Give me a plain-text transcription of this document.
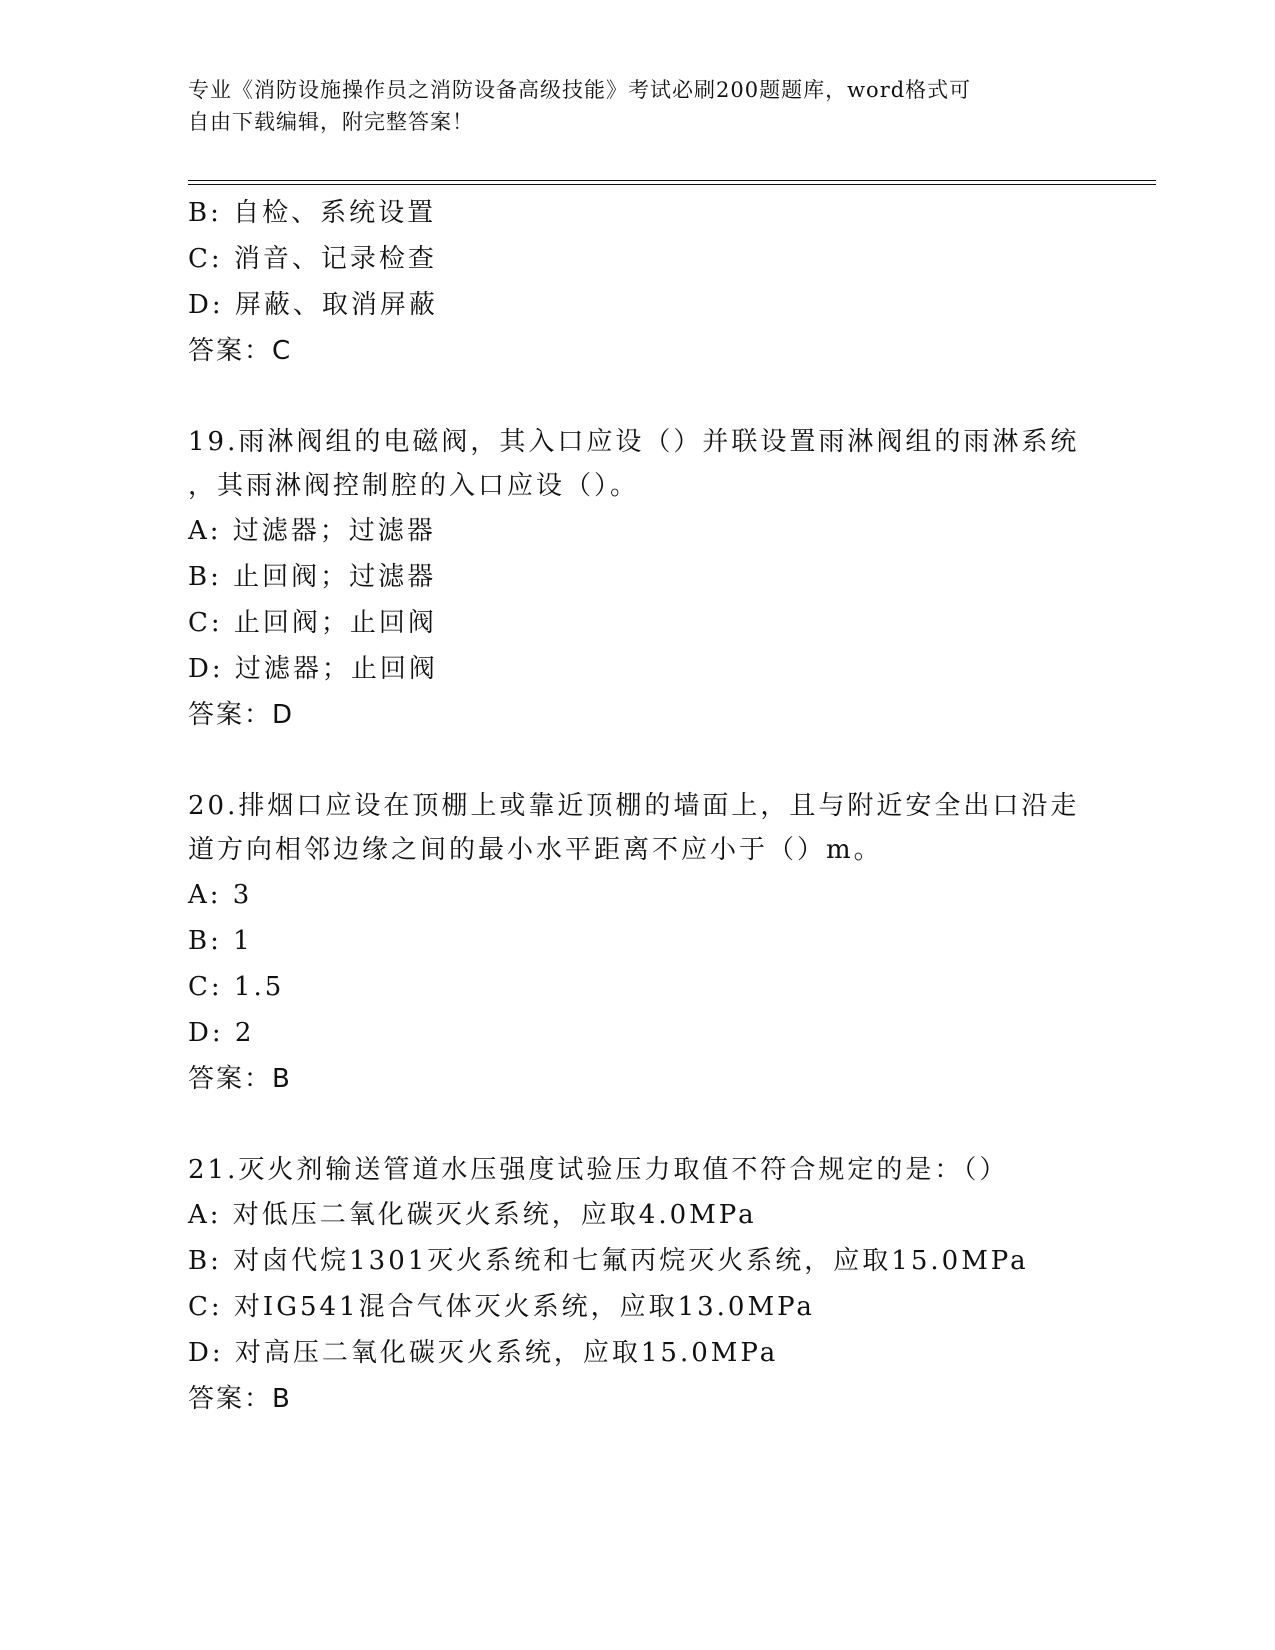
专业《消防设施操作员之消防设备高级技能》考试必刷200题题库，word格式可
自由下载编辑，附完整答案！
B: 自检、系统设置
C: 消音、记录检查
D: 屏蔽、取消屏蔽
答案：C
19.雨淋阀组的电磁阀，其入口应设（）并联设置雨淋阀组的雨淋系统
，其雨淋阀控制腔的入口应设（）。
A: 过滤器；过滤器
B: 止回阀；过滤器
C: 止回阀；止回阀
D: 过滤器；止回阀
答案：D
20.排烟口应设在顶棚上或靠近顶棚的墙面上，且与附近安全出口沿走
道方向相邻边缘之间的最小水平距离不应小于（）m。
A: 3
B: 1
C: 1.5
D: 2
答案：B
21.灭火剂输送管道水压强度试验压力取值不符合规定的是：（）
A: 对低压二氧化碳灭火系统，应取4.0MPa
B: 对卤代烷1301灭火系统和七氟丙烷灭火系统，应取15.0MPa
C: 对IG541混合气体灭火系统，应取13.0MPa
D: 对高压二氧化碳灭火系统，应取15.0MPa
答案：B
